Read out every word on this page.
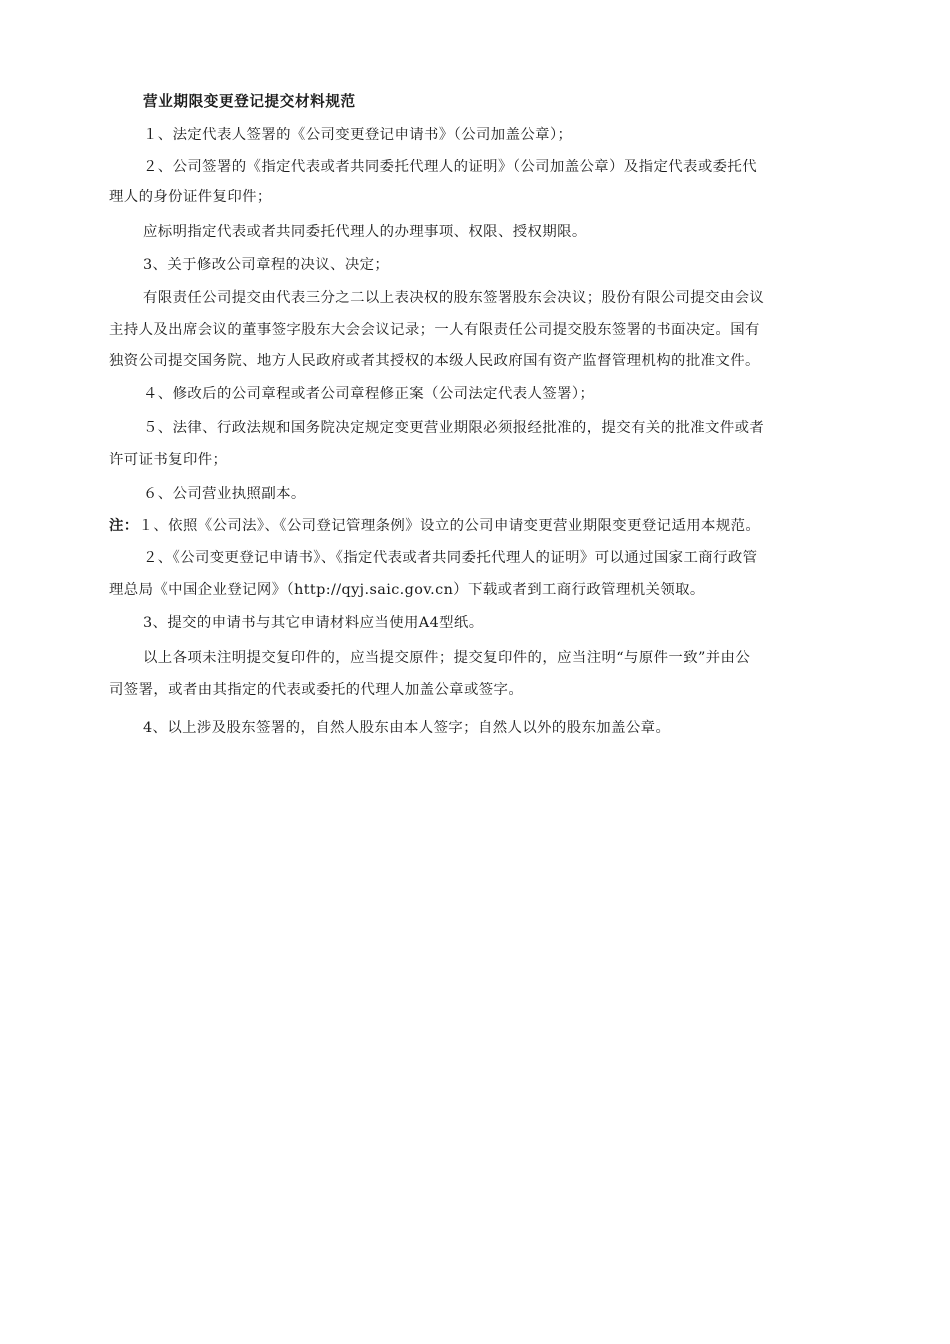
营业期限变更登记提交材料规范
１、法定代表人签署的《公司变更登记申请书》（公司加盖公章）；
２、公司签署的《指定代表或者共同委托代理人的证明》（公司加盖公章）及指定代表或委托代
理人的身份证件复印件；
应标明指定代表或者共同委托代理人的办理事项、权限、授权期限。
3、关于修改公司章程的决议、决定；
有限责任公司提交由代表三分之二以上表决权的股东签署股东会决议；股份有限公司提交由会议
主持人及出席会议的董事签字股东大会会议记录；一人有限责任公司提交股东签署的书面决定。国有
独资公司提交国务院、地方人民政府或者其授权的本级人民政府国有资产监督管理机构的批准文件。
４、修改后的公司章程或者公司章程修正案（公司法定代表人签署）；
５、法律、行政法规和国务院决定规定变更营业期限必须报经批准的，提交有关的批准文件或者
许可证书复印件；
６、公司营业执照副本。
注：１、依照《公司法》、《公司登记管理条例》设立的公司申请变更营业期限变更登记适用本规范。
２、《公司变更登记申请书》、《指定代表或者共同委托代理人的证明》可以通过国家工商行政管
理总局《中国企业登记网》（http://qyj.saic.gov.cn）下载或者到工商行政管理机关领取。
3、提交的申请书与其它申请材料应当使用A4型纸。
以上各项未注明提交复印件的，应当提交原件；提交复印件的，应当注明“与原件一致”并由公
司签署，或者由其指定的代表或委托的代理人加盖公章或签字。
4、以上涉及股东签署的，自然人股东由本人签字；自然人以外的股东加盖公章。
